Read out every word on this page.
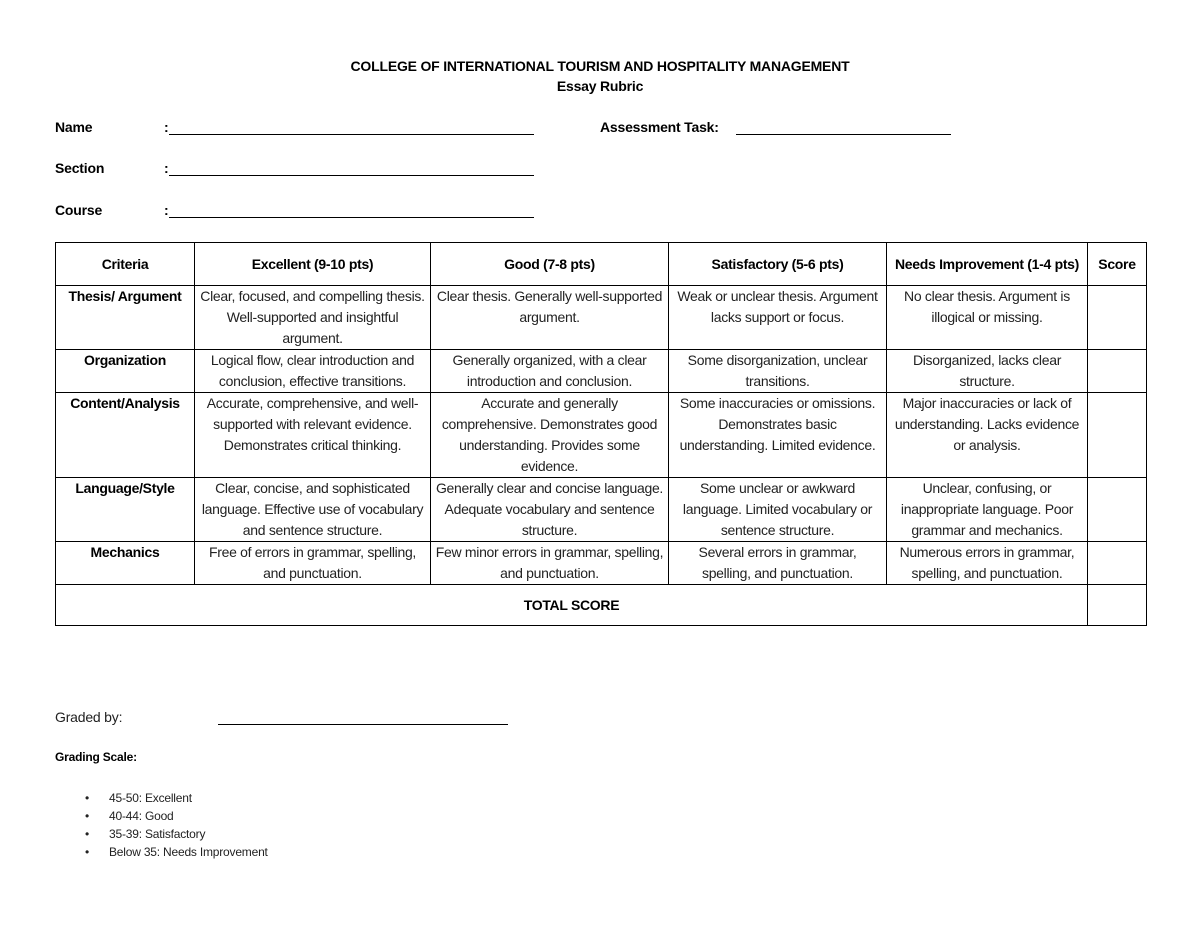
COLLEGE OF INTERNATIONAL TOURISM AND HOSPITALITY MANAGEMENT
Essay Rubric
Name	:	Assessment Task:
Section	:
Course	:
Criteria	Excellent (9-10 pts)	Good (7-8 pts)	Satisfactory (5-6 pts)	Needs Improvement (1-4 pts)	Score
Thesis/ Argument	Clear, focused, and compelling thesis. Well-supported and insightful argument.	Clear thesis. Generally well-supported argument.	Weak or unclear thesis. Argument lacks support or focus.	No clear thesis. Argument is illogical or missing.	
Organization	Logical flow, clear introduction and conclusion, effective transitions.	Generally organized, with a clear introduction and conclusion.	Some disorganization, unclear transitions.	Disorganized, lacks clear structure.	
Content/Analysis	Accurate, comprehensive, and well-supported with relevant evidence. Demonstrates critical thinking.	Accurate and generally comprehensive. Demonstrates good understanding. Provides some evidence.	Some inaccuracies or omissions. Demonstrates basic understanding. Limited evidence.	Major inaccuracies or lack of understanding. Lacks evidence or analysis.	
Language/Style	Clear, concise, and sophisticated language. Effective use of vocabulary and sentence structure.	Generally clear and concise language. Adequate vocabulary and sentence structure.	Some unclear or awkward language. Limited vocabulary or sentence structure.	Unclear, confusing, or inappropriate language. Poor grammar and mechanics.	
Mechanics	Free of errors in grammar, spelling, and punctuation.	Few minor errors in grammar, spelling, and punctuation.	Several errors in grammar, spelling, and punctuation.	Numerous errors in grammar, spelling, and punctuation.	
TOTAL SCORE					
Graded by:
Grading Scale:
• 45-50: Excellent
• 40-44: Good
• 35-39: Satisfactory
• Below 35: Needs Improvement
